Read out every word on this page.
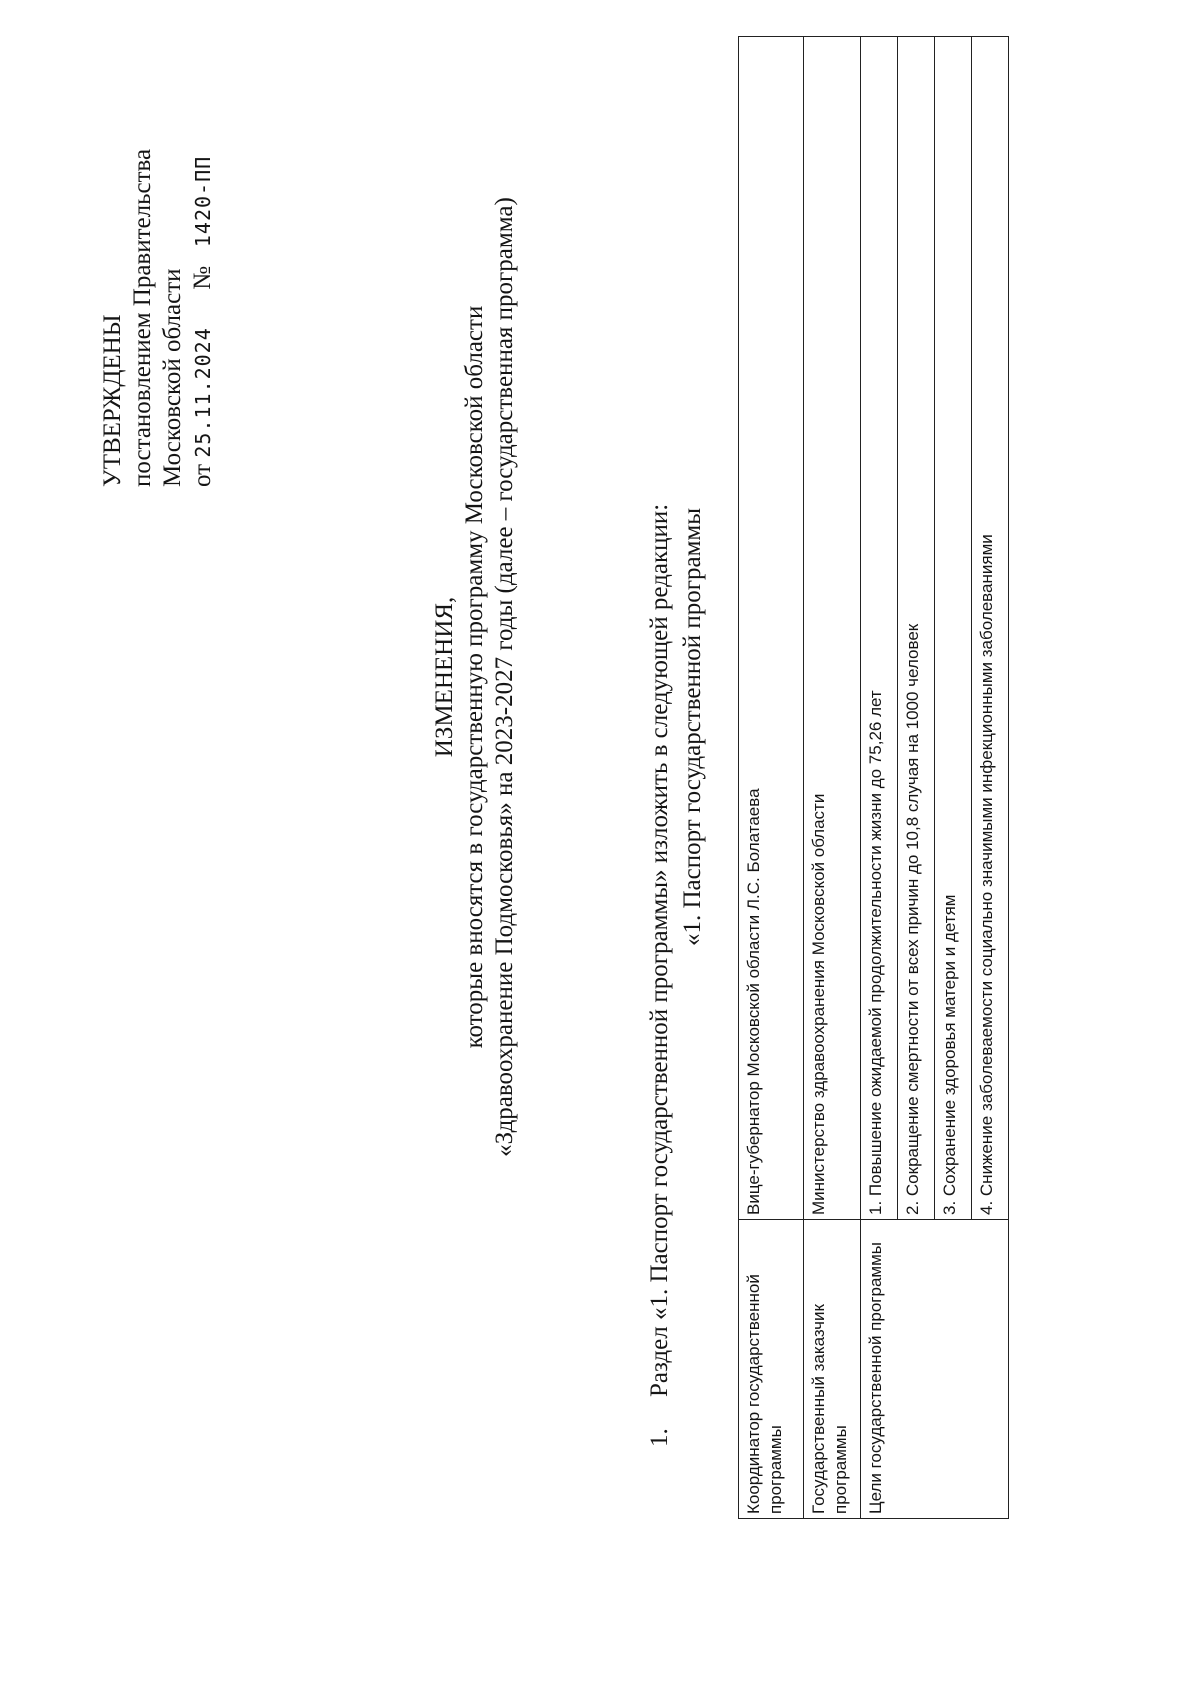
УТВЕРЖДЕНЫ постановлением Правительства Московской области от 25.11.2024      №   1420-ПП
ИЗМЕНЕНИЯ, которые вносятся в государственную программу Московской области «Здравоохранение Подмосковья» на 2023-2027 годы (далее – государственная программа)
1.Раздел «1. Паспорт государственной программы» изложить в следующей редакции: «1. Паспорт государственной программы
Координатор государственной программы	Вице-губернатор Московской области Л.С. Болатаева
Государственный заказчик программы	Министерство здравоохранения Московской области
Цели государственной программы	1. Повышение ожидаемой продолжительности жизни до 75,26 лет
	2. Сокращение смертности от всех причин до 10,8 случая на 1000 человек
	3. Сохранение здоровья матери и детям
	4. Снижение заболеваемости социально значимыми инфекционными заболеваниями
